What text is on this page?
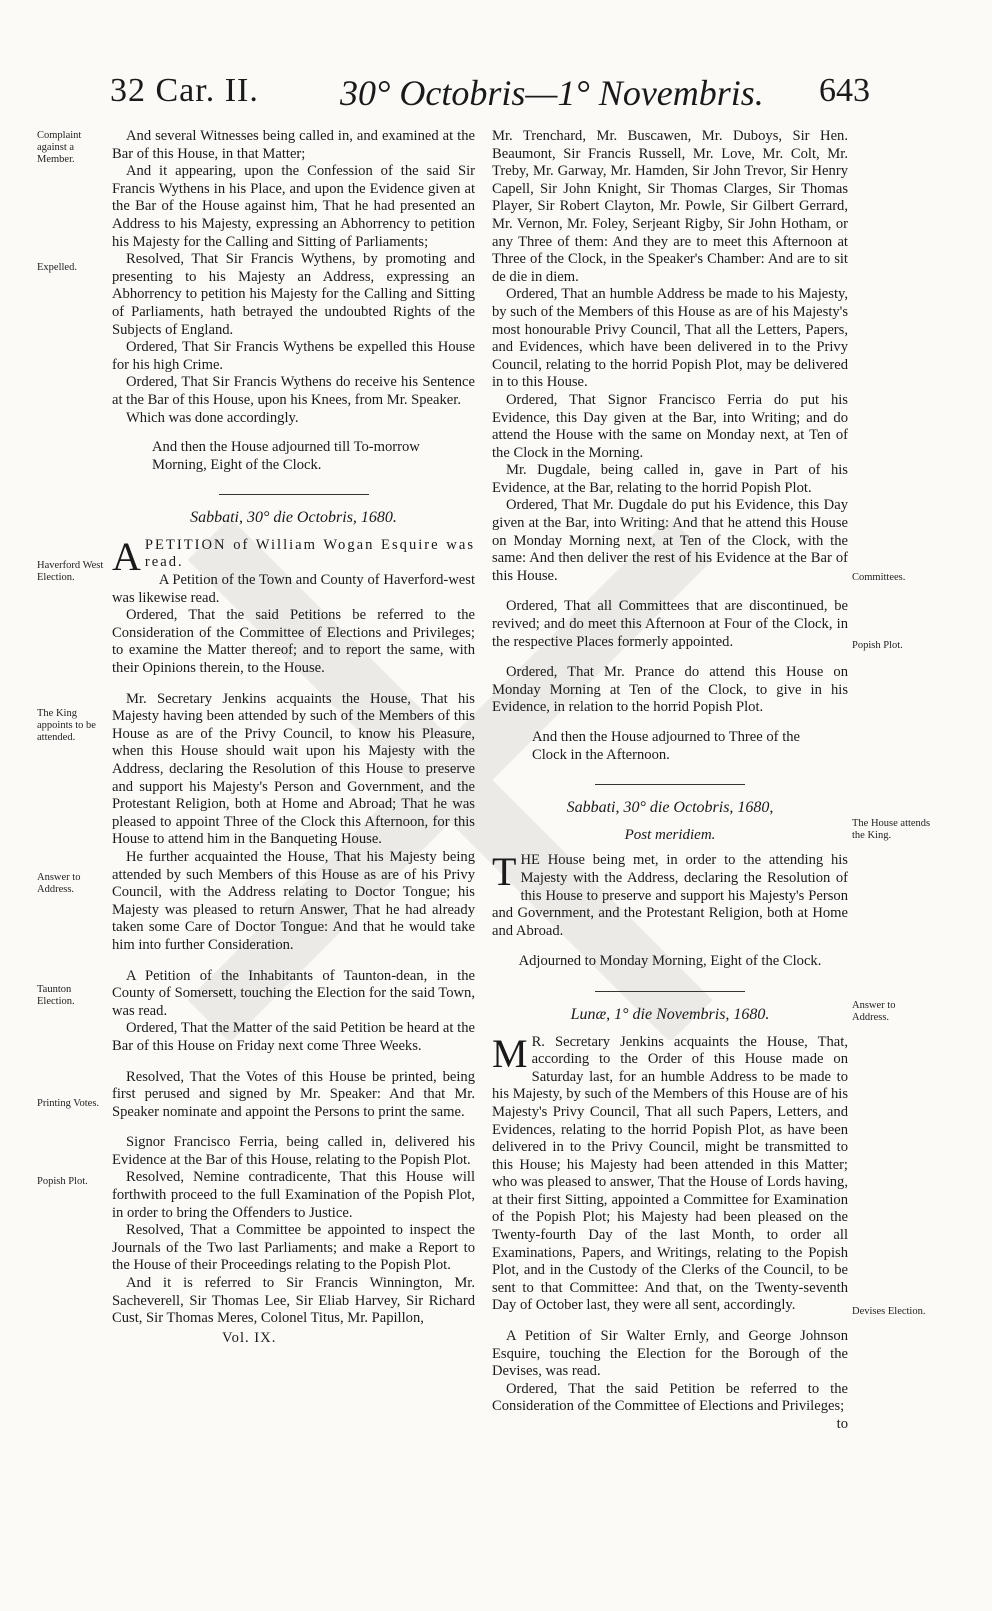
32 Car. II. 30° Octobris—1° Novembris. 643
Complaint against a Member.
Expelled.
Haverford West Election.
The King appoints to be attended.
Answer to Address.
Taunton Election.
Printing Votes.
Popish Plot.
Committees.
Popish Plot.
The House attends the King.
Answer to Address.
Devises Election.

And several Witnesses being called in, and examined at the Bar of this House, in that Matter;

And it appearing, upon the Confession of the said Sir Francis Wythens in his Place, and upon the Evidence given at the Bar of the House against him, That he had presented an Address to his Majesty, expressing an Abhorrency to petition his Majesty for the Calling and Sitting of Parliaments;

Resolved, That Sir Francis Wythens, by promoting and presenting to his Majesty an Address, expressing an Abhorrency to petition his Majesty for the Calling and Sitting of Parliaments, hath betrayed the undoubted Rights of the Subjects of England.

Ordered, That Sir Francis Wythens be expelled this House for his high Crime.

Ordered, That Sir Francis Wythens do receive his Sentence at the Bar of this House, upon his Knees, from Mr. Speaker.

Which was done accordingly.

And then the House adjourned till To-morrow Morning, Eight of the Clock.

Sabbati, 30° die Octobris, 1680.

APETITION of William Wogan Esquire was read.

A Petition of the Town and County of Haverford-west was likewise read.

Ordered, That the said Petitions be referred to the Consideration of the Committee of Elections and Privileges; to examine the Matter thereof; and to report the same, with their Opinions therein, to the House.

Mr. Secretary Jenkins acquaints the House, That his Majesty having been attended by such of the Members of this House as are of the Privy Council, to know his Pleasure, when this House should wait upon his Majesty with the Address, declaring the Resolution of this House to preserve and support his Majesty's Person and Government, and the Protestant Religion, both at Home and Abroad; That he was pleased to appoint Three of the Clock this Afternoon, for this House to attend him in the Banqueting House.

He further acquainted the House, That his Majesty being attended by such Members of this House as are of his Privy Council, with the Address relating to Doctor Tongue; his Majesty was pleased to return Answer, That he had already taken some Care of Doctor Tongue: And that he would take him into further Consideration.

A Petition of the Inhabitants of Taunton-dean, in the County of Somersett, touching the Election for the said Town, was read.

Ordered, That the Matter of the said Petition be heard at the Bar of this House on Friday next come Three Weeks.

Resolved, That the Votes of this House be printed, being first perused and signed by Mr. Speaker: And that Mr. Speaker nominate and appoint the Persons to print the same.

Signor Francisco Ferria, being called in, delivered his Evidence at the Bar of this House, relating to the Popish Plot.

Resolved, Nemine contradicente, That this House will forthwith proceed to the full Examination of the Popish Plot, in order to bring the Offenders to Justice.

Resolved, That a Committee be appointed to inspect the Journals of the Two last Parliaments; and make a Report to the House of their Proceedings relating to the Popish Plot.

And it is referred to Sir Francis Winnington, Mr. Sacheverell, Sir Thomas Lee, Sir Eliab Harvey, Sir Richard Cust, Sir Thomas Meres, Colonel Titus, Mr. Papillon,

Vol. IX.

Mr. Trenchard, Mr. Buscawen, Mr. Duboys, Sir Hen. Beaumont, Sir Francis Russell, Mr. Love, Mr. Colt, Mr. Treby, Mr. Garway, Mr. Hamden, Sir John Trevor, Sir Henry Capell, Sir John Knight, Sir Thomas Clarges, Sir Thomas Player, Sir Robert Clayton, Mr. Powle, Sir Gilbert Gerrard, Mr. Vernon, Mr. Foley, Serjeant Rigby, Sir John Hotham, or any Three of them: And they are to meet this Afternoon at Three of the Clock, in the Speaker's Chamber: And are to sit de die in diem.

Ordered, That an humble Address be made to his Majesty, by such of the Members of this House as are of his Majesty's most honourable Privy Council, That all the Letters, Papers, and Evidences, which have been delivered in to the Privy Council, relating to the horrid Popish Plot, may be delivered in to this House.

Ordered, That Signor Francisco Ferria do put his Evidence, this Day given at the Bar, into Writing; and do attend the House with the same on Monday next, at Ten of the Clock in the Morning.

Mr. Dugdale, being called in, gave in Part of his Evidence, at the Bar, relating to the horrid Popish Plot.

Ordered, That Mr. Dugdale do put his Evidence, this Day given at the Bar, into Writing: And that he attend this House on Monday Morning next, at Ten of the Clock, with the same: And then deliver the rest of his Evidence at the Bar of this House.

Ordered, That all Committees that are discontinued, be revived; and do meet this Afternoon at Four of the Clock, in the respective Places formerly appointed.

Ordered, That Mr. Prance do attend this House on Monday Morning at Ten of the Clock, to give in his Evidence, in relation to the horrid Popish Plot.

And then the House adjourned to Three of the Clock in the Afternoon.

Sabbati, 30° die Octobris, 1680,
Post meridiem.

THE House being met, in order to the attending his Majesty with the Address, declaring the Resolution of this House to preserve and support his Majesty's Person and Government, and the Protestant Religion, both at Home and Abroad.

Adjourned to Monday Morning, Eight of the Clock.

Lunæ, 1° die Novembris, 1680.

M R. Secretary Jenkins acquaints the House, That, according to the Order of this House made on Saturday last, for an humble Address to be made to his Majesty, by such of the Members of this House are of his Majesty's Privy Council, That all such Papers, Letters, and Evidences, relating to the horrid Popish Plot, as have been delivered in to the Privy Council, might be transmitted to this House; his Majesty had been attended in this Matter; who was pleased to answer, That the House of Lords having, at their first Sitting, appointed a Committee for Examination of the Popish Plot; his Majesty had been pleased on the Twenty-fourth Day of the last Month, to order all Examinations, Papers, and Writings, relating to the Popish Plot, and in the Custody of the Clerks of the Council, to be sent to that Committee: And that, on the Twenty-seventh Day of October last, they were all sent, accordingly.

A Petition of Sir Walter Ernly, and George Johnson Esquire, touching the Election for the Borough of the Devises, was read.

Ordered, That the said Petition be referred to the Consideration of the Committee of Elections and Privileges;

to
